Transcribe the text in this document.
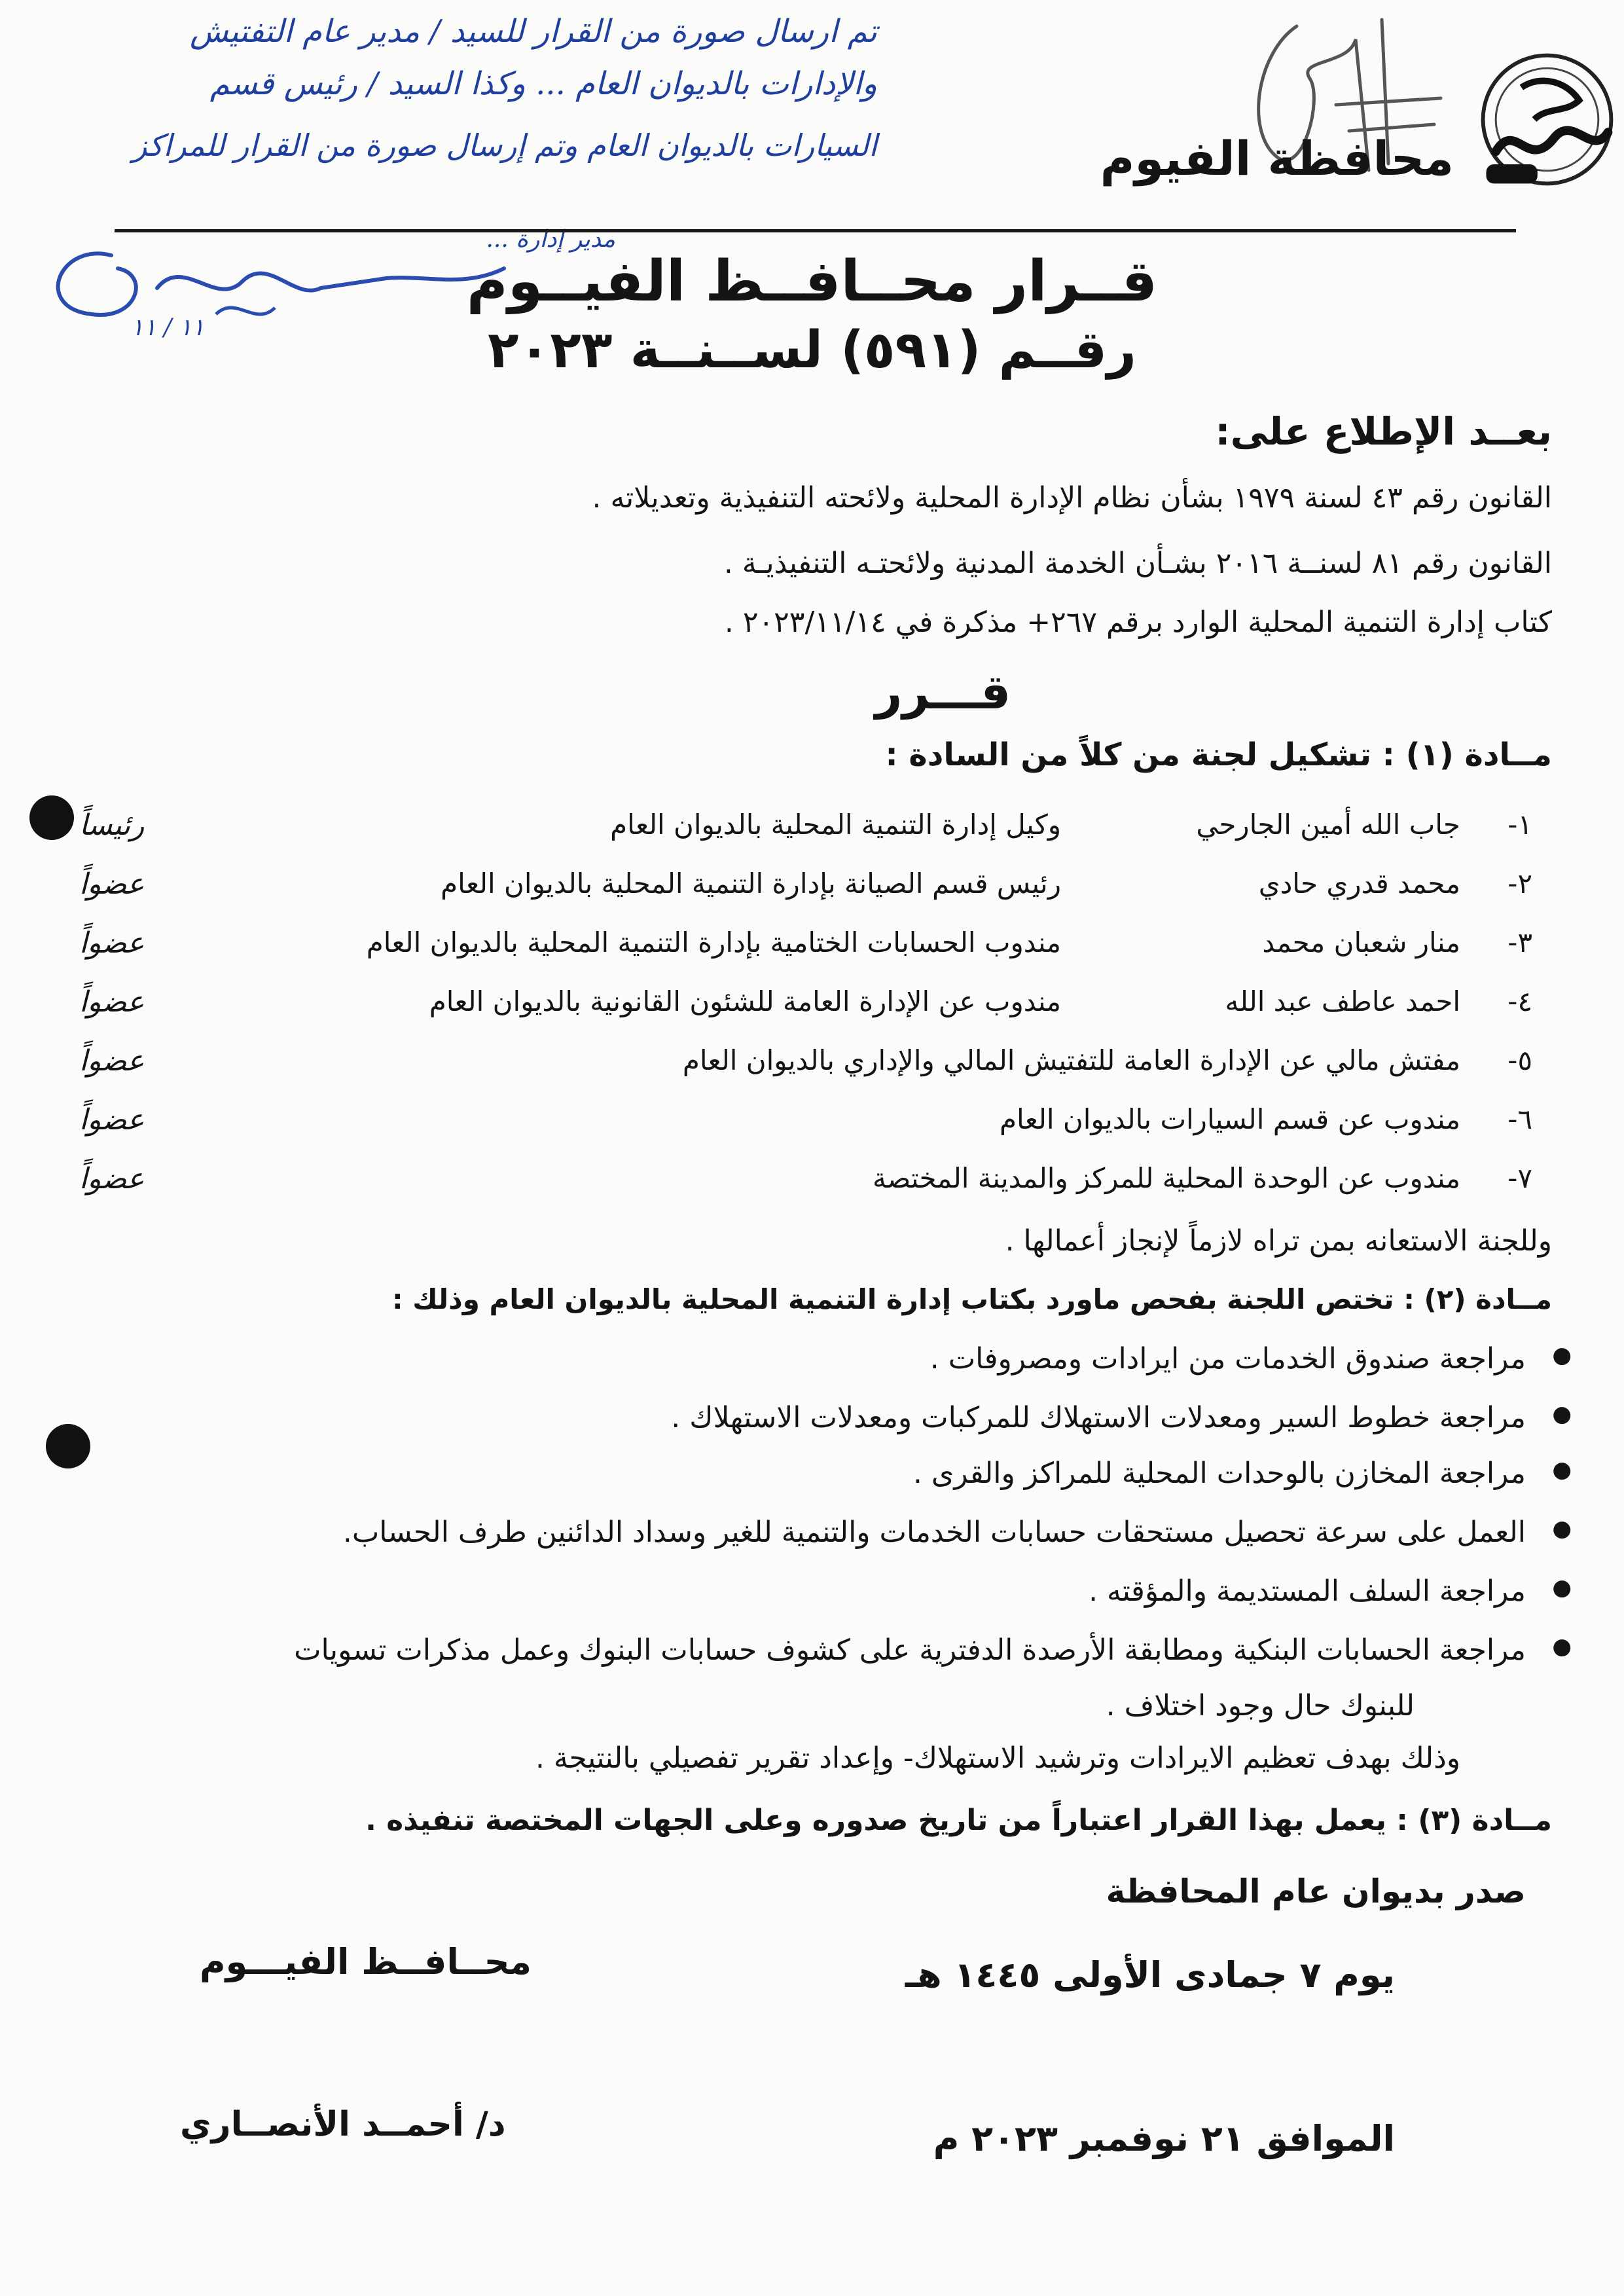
تم ارسال صورة من القرار للسيد / مدير عام التفتيش
والإدارات بالديوان العام ... وكذا السيد / رئيس قسم
السيارات بالديوان العام وتم إرسال صورة من القرار للمراكز
مدير إدارة ...
١١ / ١١
محافظة الفيوم

قــرار محــافــظ الفيــوم
رقــم (٥٩١) لســنــة ٢٠٢٣
بعــد الإطلاع على:
القانون رقم ٤٣ لسنة ١٩٧٩ بشأن نظام الإدارة المحلية ولائحته التنفيذية وتعديلاته .
القانون رقم ٨١ لسنــة ٢٠١٦ بشـأن الخدمة المدنية ولائحتـه التنفيذيـة .
كتاب إدارة التنمية المحلية الوارد برقم ٢٦٧+ مذكرة في ٢٠٢٣/١١/١٤ .
قـــرر
مــادة (١) : تشكيل لجنة من كلاً من السادة :
١-
جاب الله أمين الجارحي
وكيل إدارة التنمية المحلية بالديوان العام
رئيساً
٢-
محمد قدري حادي
رئيس قسم الصيانة بإدارة التنمية المحلية بالديوان العام
عضواً
٣-
منار شعبان محمد
مندوب الحسابات الختامية بإدارة التنمية المحلية بالديوان العام
عضواً
٤-
احمد عاطف عبد الله
مندوب عن الإدارة العامة للشئون القانونية بالديوان العام
عضواً
٥-
مفتش مالي عن الإدارة العامة للتفتيش المالي والإداري بالديوان العام
عضواً
٦-
مندوب عن قسم السيارات بالديوان العام
عضواً
٧-
مندوب عن الوحدة المحلية للمركز والمدينة المختصة
عضواً
وللجنة الاستعانه بمن تراه لازماً لإنجاز أعمالها .
مــادة (٢) : تختص اللجنة بفحص ماورد بكتاب إدارة التنمية المحلية بالديوان العام وذلك :
● مراجعة صندوق الخدمات من ايرادات ومصروفات .
● مراجعة خطوط السير ومعدلات الاستهلاك للمركبات ومعدلات الاستهلاك .
● مراجعة المخازن بالوحدات المحلية للمراكز والقرى .
● العمل على سرعة تحصيل مستحقات حسابات الخدمات والتنمية للغير وسداد الدائنين طرف الحساب.
● مراجعة السلف المستديمة والمؤقته .
● مراجعة الحسابات البنكية ومطابقة الأرصدة الدفترية على كشوف حسابات البنوك وعمل مذكرات تسويات
للبنوك حال وجود اختلاف .
وذلك بهدف تعظيم الايرادات وترشيد الاستهلاك- وإعداد تقرير تفصيلي بالنتيجة .
مــادة (٣) : يعمل بهذا القرار اعتباراً من تاريخ صدوره وعلى الجهات المختصة تنفيذه .
صدر بديوان عام المحافظة
يوم ٧ جمادى الأولى ١٤٤٥ هـ
الموافق ٢١ نوفمبر ٢٠٢٣ م
محــافــظ الفيـــوم
د/ أحمــد الأنصــاري
